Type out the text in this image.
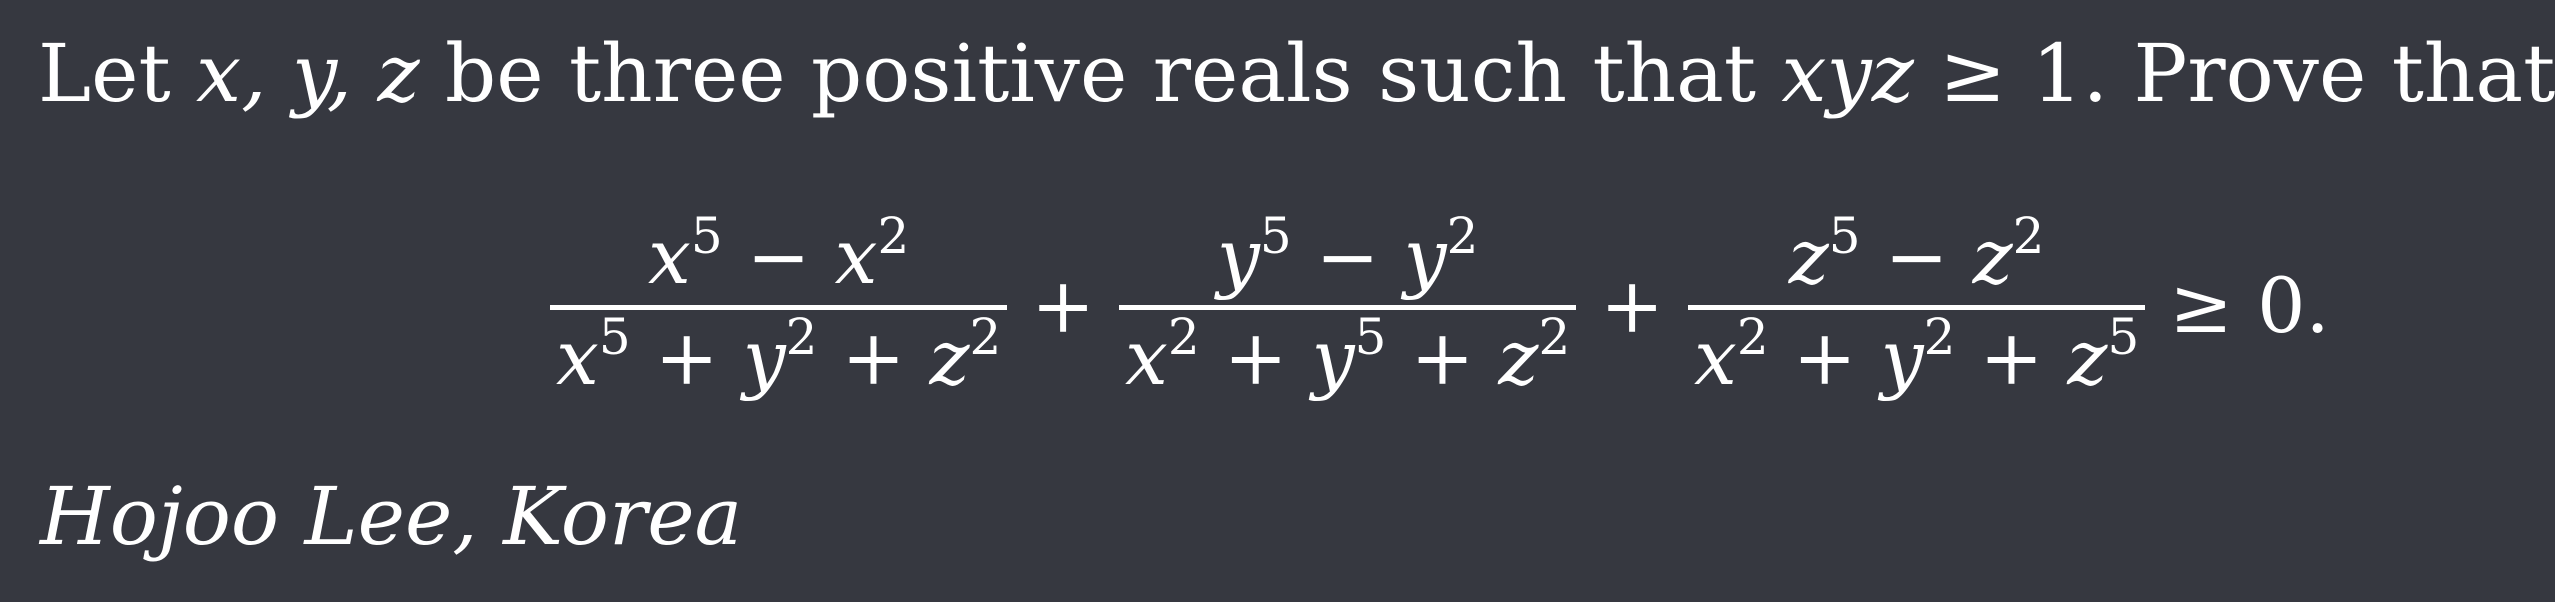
Let x, y, z be three positive reals such that xyz ≥ 1. Prove that
$x^5 - x^2$
$x^5 + y^2 + z^2$ +
$y^5 - y^2$
$x^2 + y^5 + z^2$ +
$z^5 - z^2$
$x^2 + y^2 + z^5 \ge 0$.
Hojoo Lee, Korea
